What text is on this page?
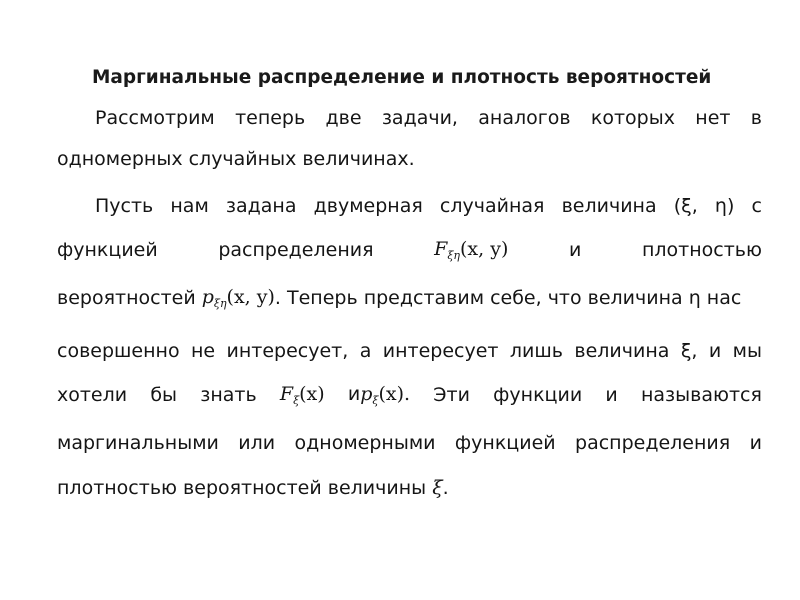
Маргинальные распределение и плотность вероятностей
Рассмотрим теперь две задачи, аналогов которых нет в
одномерных случайных величинах.
Пусть нам задана двумерная случайная величина (ξ, η) с
функцией	распределения	$F_{\xi\eta}(x$, y)	и	плотностью
вероятностей $p_{\xi\eta}(x$, y) . Теперь представим себе, что величина η нас
совершенно не интересует, а интересует лишь величина ξ, и мы
хотели бы знать $F_\xi(x)$ $иp_\xi(x)$. Эти функции и называются
маргинальными или одномерными функцией распределения и
плотностью вероятностей величины ξ .
